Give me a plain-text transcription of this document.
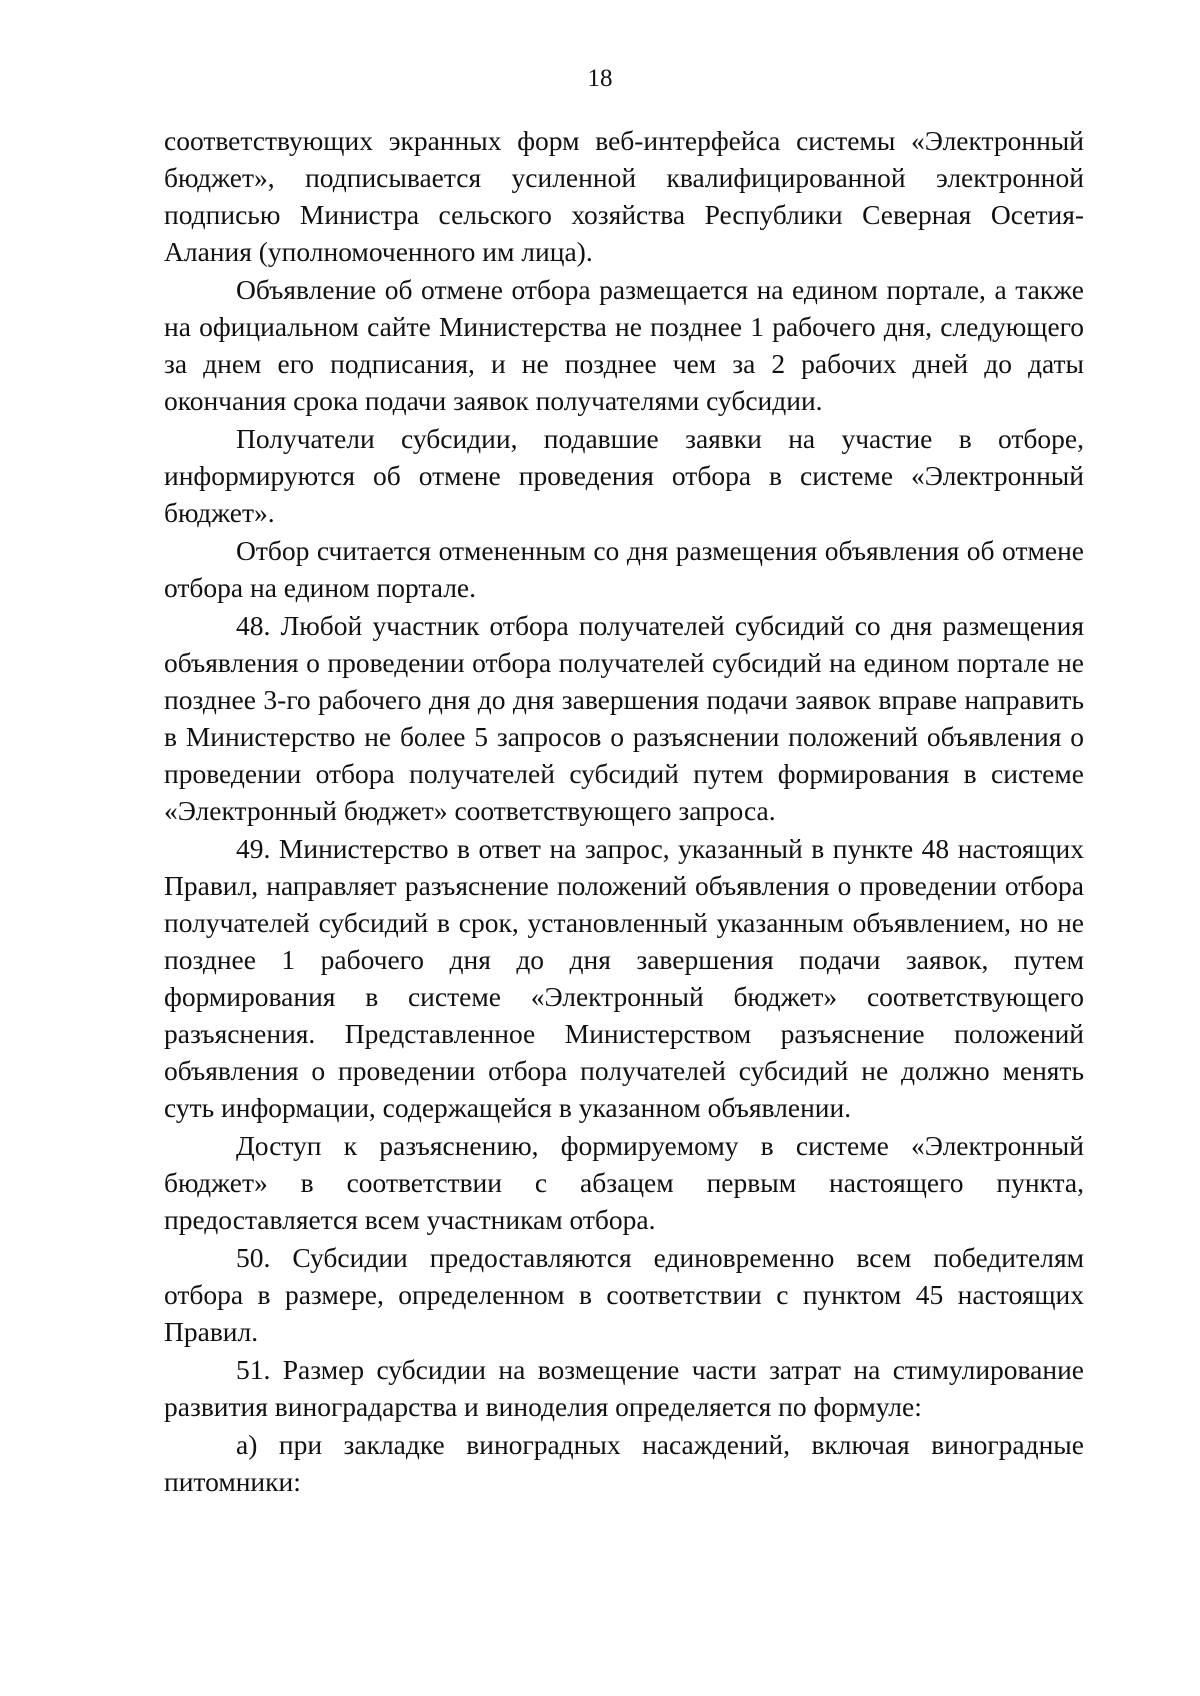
18

соответствующих экранных форм веб-интерфейса системы «Электронный бюджет», подписывается усиленной квалифицированной электронной подписью Министра сельского хозяйства Республики Северная Осетия-Алания (уполномоченного им лица).

Объявление об отмене отбора размещается на едином портале, а также на официальном сайте Министерства не позднее 1 рабочего дня, следующего за днем его подписания, и не позднее чем за 2 рабочих дней до даты окончания срока подачи заявок получателями субсидии.

Получатели субсидии, подавшие заявки на участие в отборе, информируются об отмене проведения отбора в системе «Электронный бюджет».

Отбор считается отмененным со дня размещения объявления об отмене отбора на едином портале.

48. Любой участник отбора получателей субсидий со дня размещения объявления о проведении отбора получателей субсидий на едином портале не позднее 3-го рабочего дня до дня завершения подачи заявок вправе направить в Министерство не более 5 запросов о разъяснении положений объявления о проведении отбора получателей субсидий путем формирования в системе «Электронный бюджет» соответствующего запроса.

49. Министерство в ответ на запрос, указанный в пункте 48 настоящих Правил, направляет разъяснение положений объявления о проведении отбора получателей субсидий в срок, установленный указанным объявлением, но не позднее 1 рабочего дня до дня завершения подачи заявок, путем формирования в системе «Электронный бюджет» соответствующего разъяснения. Представленное Министерством разъяснение положений объявления о проведении отбора получателей субсидий не должно менять суть информации, содержащейся в указанном объявлении.

Доступ к разъяснению, формируемому в системе «Электронный бюджет» в соответствии с абзацем первым настоящего пункта, предоставляется всем участникам отбора.

50. Субсидии предоставляются единовременно всем победителям отбора в размере, определенном в соответствии с пунктом 45 настоящих Правил.

51. Размер субсидии на возмещение части затрат на стимулирование развития виноградарства и виноделия определяется по формуле:

а) при закладке виноградных насаждений, включая виноградные питомники:
